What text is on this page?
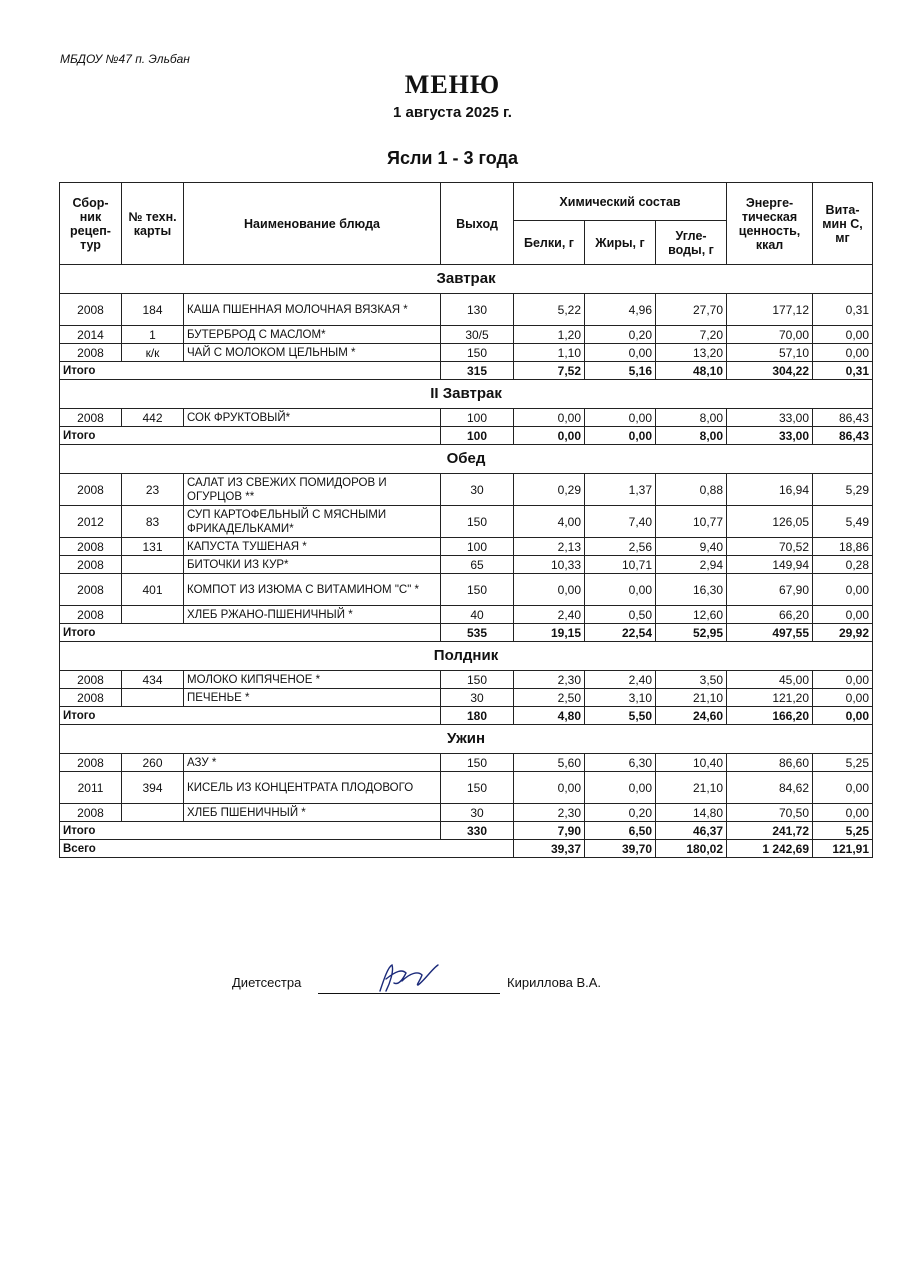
МБДОУ №47 п. Эльбан
МЕНЮ
1 августа 2025 г.
Ясли 1 - 3 года
Сбор-ник рецеп-тур	№ техн. карты	Наименование блюда	Выход	Химический состав			Энерге-тическая ценность, ккал	Вита-мин С, мг
				Белки, г	Жиры, г	Угле-воды, г		
Завтрак								
2008	184	КАША ПШЕННАЯ МОЛОЧНАЯ ВЯЗКАЯ *	130	5,22	4,96	27,70	177,12	0,31
2014	1	БУТЕРБРОД С МАСЛОМ*	30/5	1,20	0,20	7,20	70,00	0,00
2008	к/к	ЧАЙ С МОЛОКОМ ЦЕЛЬНЫМ *	150	1,10	0,00	13,20	57,10	0,00
Итого			315	7,52	5,16	48,10	304,22	0,31
II Завтрак								
2008	442	СОК ФРУКТОВЫЙ*	100	0,00	0,00	8,00	33,00	86,43
Итого			100	0,00	0,00	8,00	33,00	86,43
Обед								
2008	23	САЛАТ ИЗ СВЕЖИХ ПОМИДОРОВ И ОГУРЦОВ **	30	0,29	1,37	0,88	16,94	5,29
2012	83	СУП КАРТОФЕЛЬНЫЙ С МЯСНЫМИ ФРИКАДЕЛЬКАМИ*	150	4,00	7,40	10,77	126,05	5,49
2008	131	КАПУСТА ТУШЕНАЯ *	100	2,13	2,56	9,40	70,52	18,86
2008		БИТОЧКИ ИЗ КУР*	65	10,33	10,71	2,94	149,94	0,28
2008	401	КОМПОТ ИЗ ИЗЮМА С ВИТАМИНОМ "С" *	150	0,00	0,00	16,30	67,90	0,00
2008		ХЛЕБ РЖАНО-ПШЕНИЧНЫЙ *	40	2,40	0,50	12,60	66,20	0,00
Итого			535	19,15	22,54	52,95	497,55	29,92
Полдник								
2008	434	МОЛОКО КИПЯЧЕНОЕ *	150	2,30	2,40	3,50	45,00	0,00
2008		ПЕЧЕНЬЕ *	30	2,50	3,10	21,10	121,20	0,00
Итого			180	4,80	5,50	24,60	166,20	0,00
Ужин								
2008	260	АЗУ *	150	5,60	6,30	10,40	86,60	5,25
2011	394	КИСЕЛЬ ИЗ КОНЦЕНТРАТА ПЛОДОВОГО	150	0,00	0,00	21,10	84,62	0,00
2008		ХЛЕБ ПШЕНИЧНЫЙ *	30	2,30	0,20	14,80	70,50	0,00
Итого			330	7,90	6,50	46,37	241,72	5,25
Всего				39,37	39,70	180,02	1 242,69	121,91
Диетсестра	Кириллова В.А.
